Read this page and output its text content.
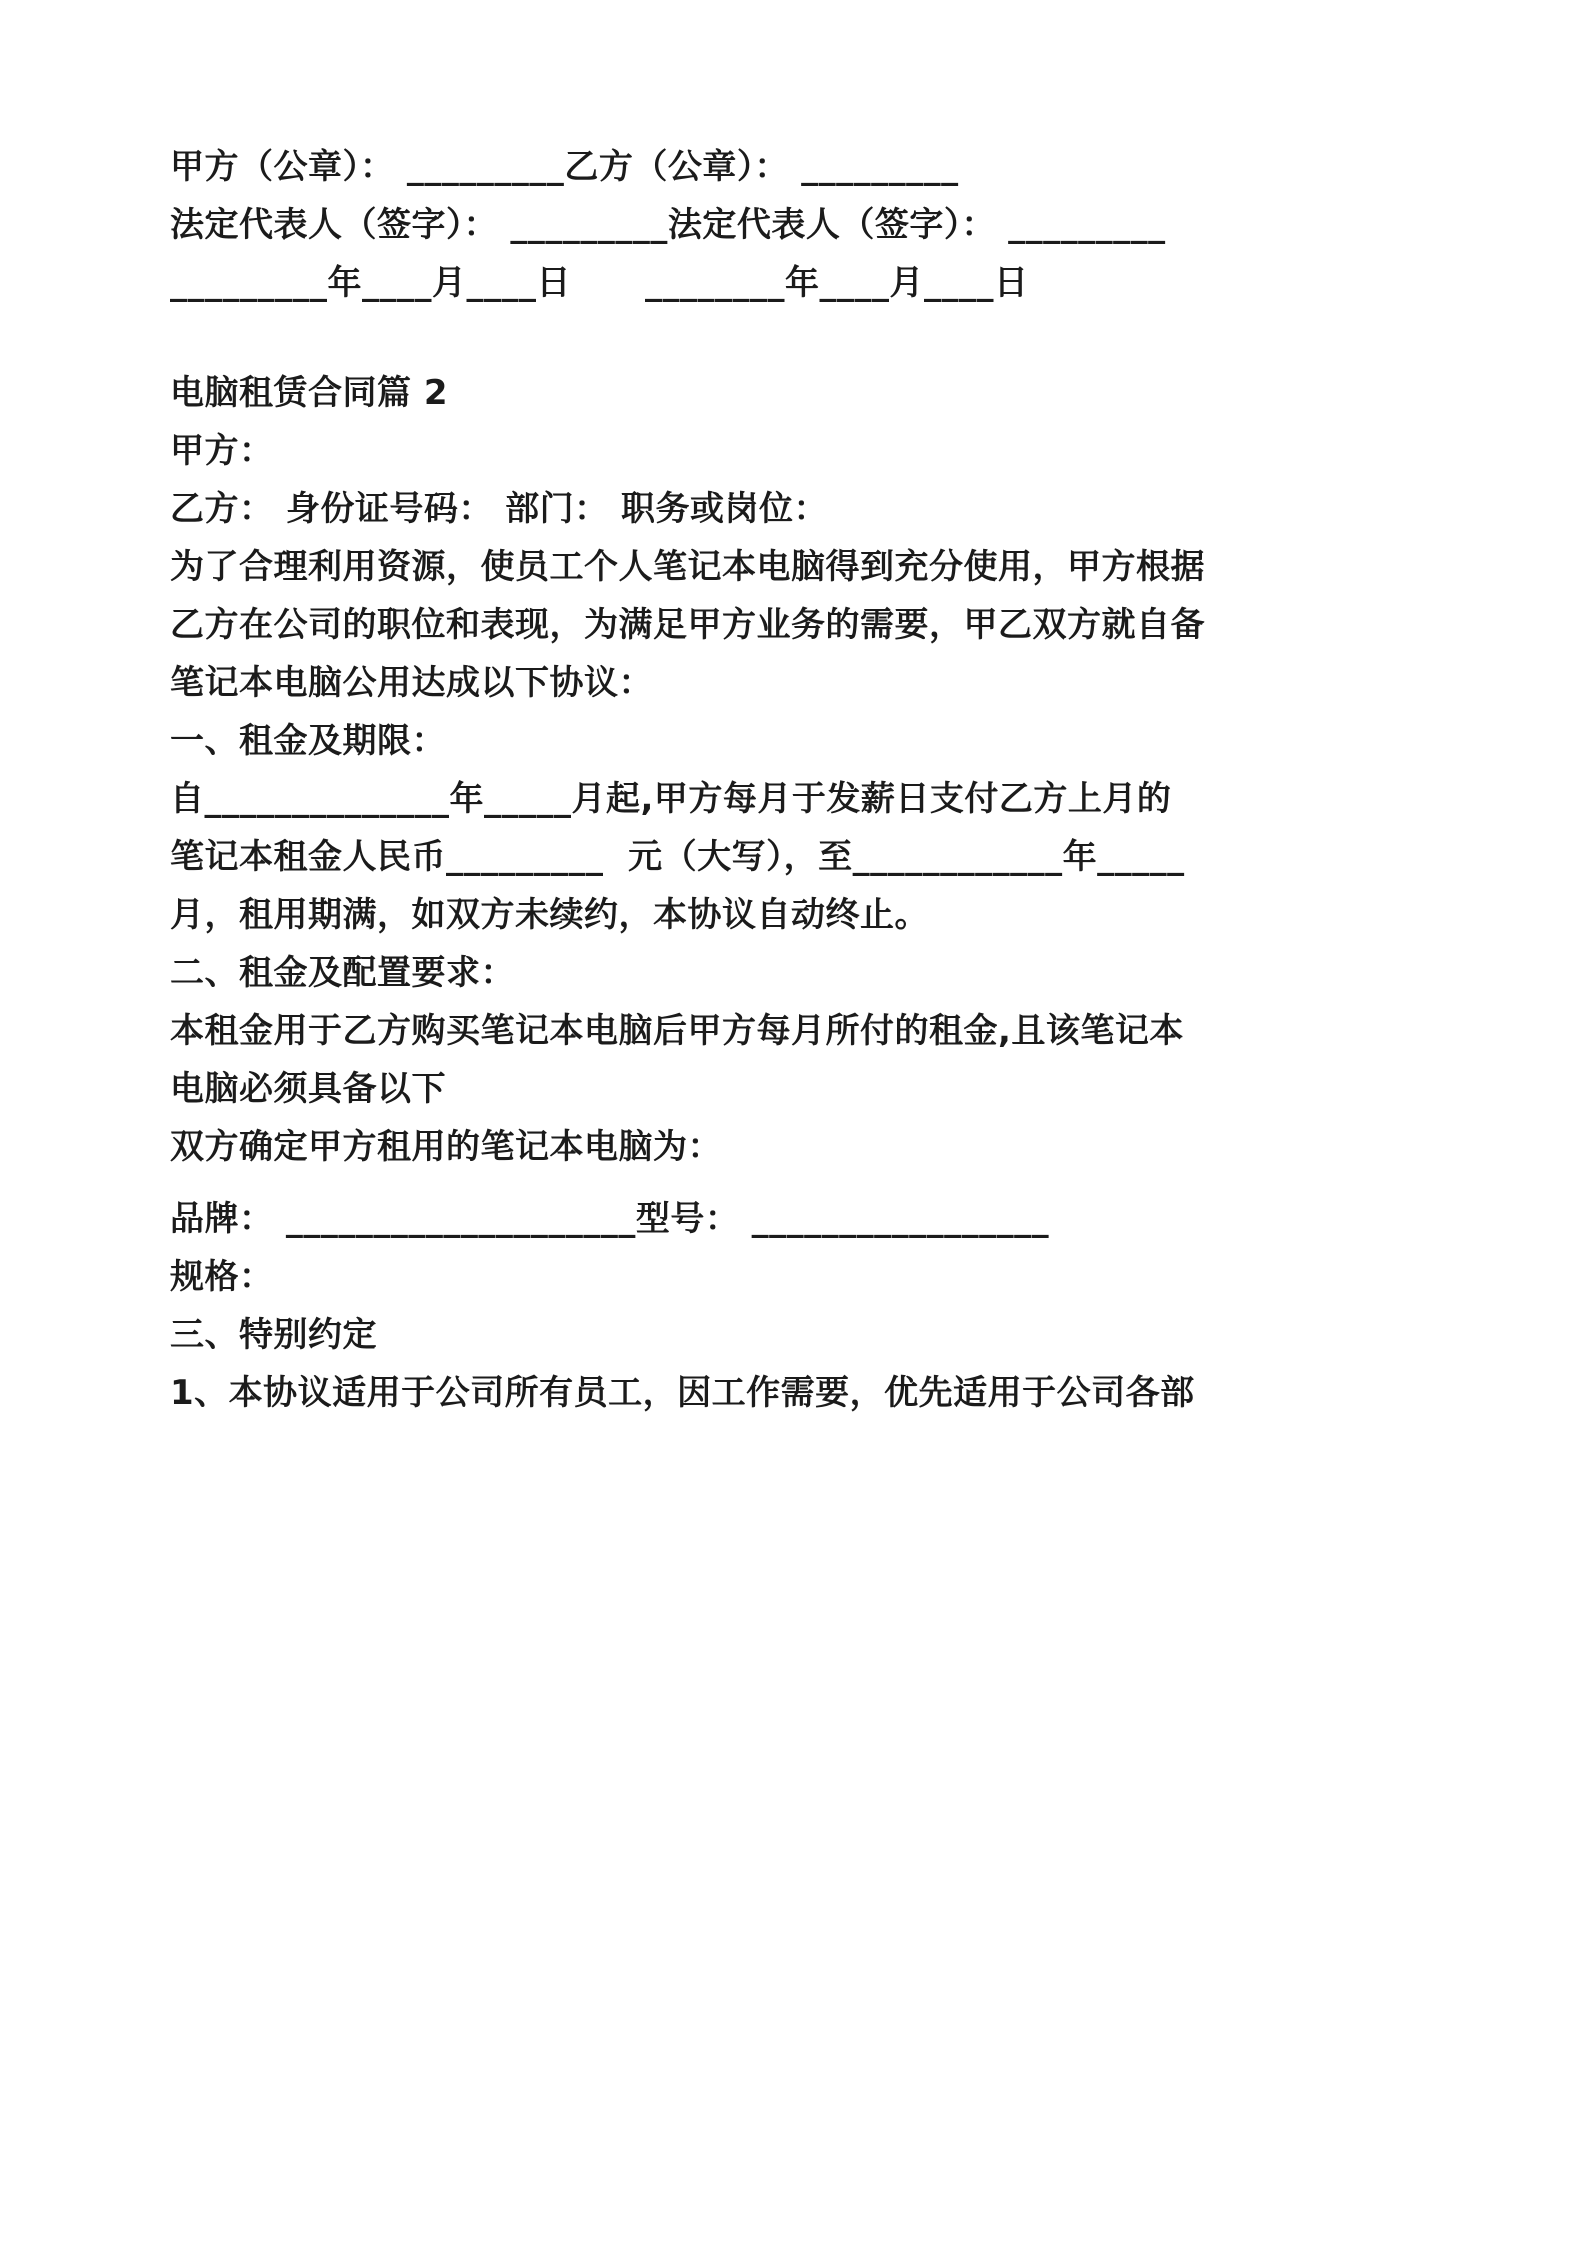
甲方（公章）： _________乙方（公章）： _________

法定代表人（签字）： _________法定代表人（签字）： _________

_________年____月____日      ________年____月____日

电脑租赁合同篇 2

甲方：

乙方： 身份证号码： 部门： 职务或岗位：

为了合理利用资源，使员工个人笔记本电脑得到充分使用，甲方根据

乙方在公司的职位和表现，为满足甲方业务的需要，甲乙双方就自备

笔记本电脑公用达成以下协议：

一、租金及期限：

自______________年_____月起,甲方每月于发薪日支付乙方上月的

笔记本租金人民币_________  元（大写），至____________年_____

月，租用期满，如双方未续约，本协议自动终止。

二、租金及配置要求：

本租金用于乙方购买笔记本电脑后甲方每月所付的租金,且该笔记本

电脑必须具备以下

双方确定甲方租用的笔记本电脑为：

品牌： ____________________型号： _________________

规格：

三、特别约定

1、本协议适用于公司所有员工，因工作需要，优先适用于公司各部
